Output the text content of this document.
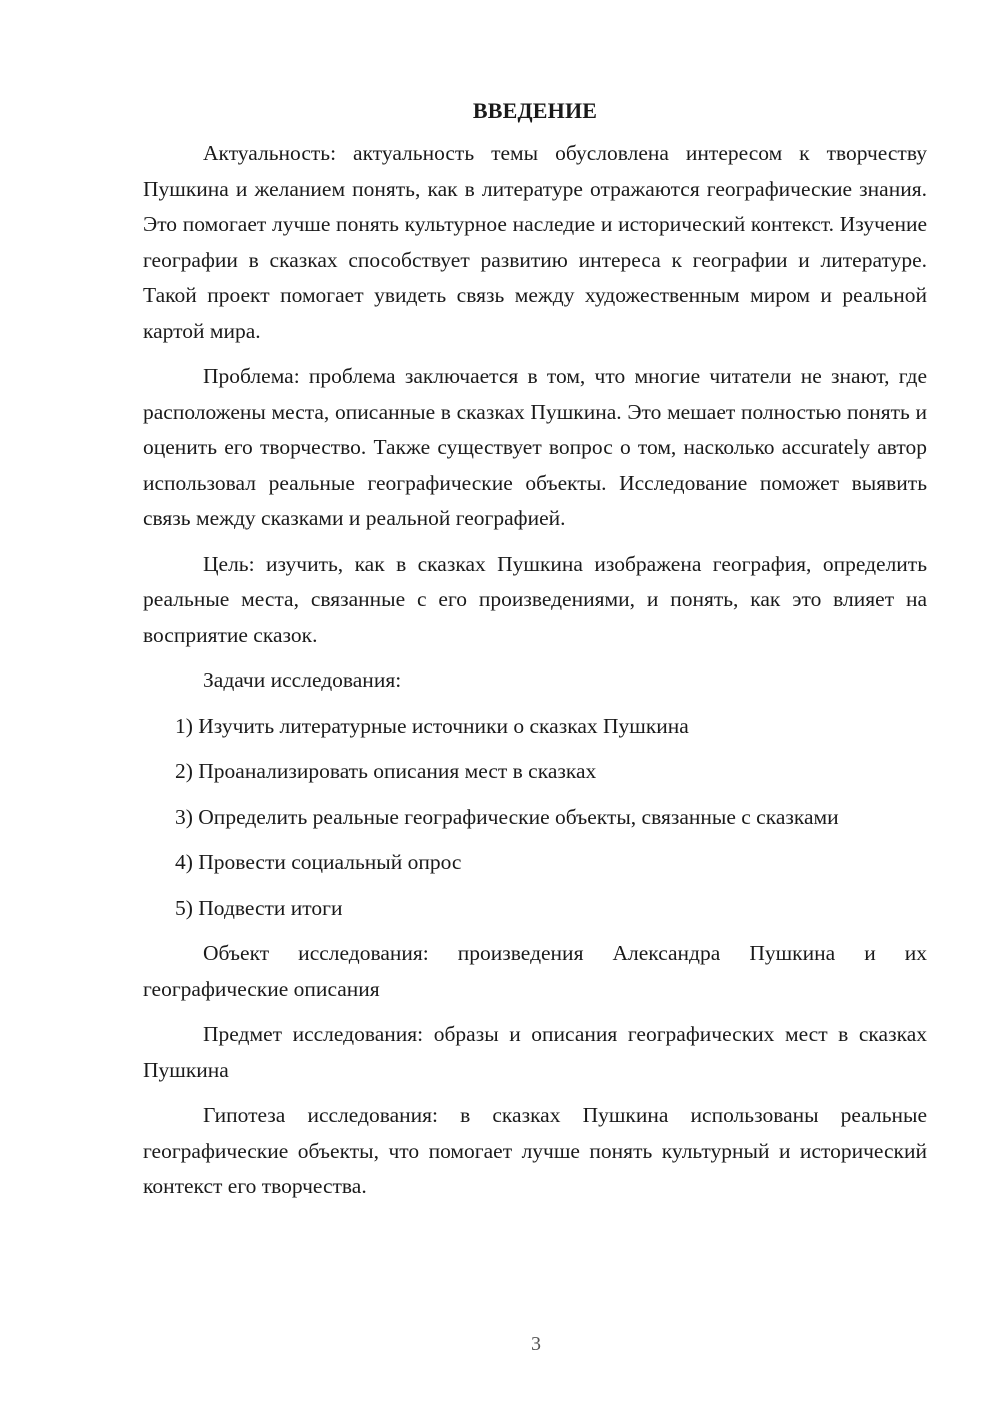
ВВЕДЕНИЕ

Актуальность: актуальность темы обусловлена интересом к творчеству Пушкина и желанием понять, как в литературе отражаются географические знания. Это помогает лучше понять культурное наследие и исторический контекст. Изучение географии в сказках способствует развитию интереса к географии и литературе. Такой проект помогает увидеть связь между художественным миром и реальной картой мира.

Проблема: проблема заключается в том, что многие читатели не знают, где расположены места, описанные в сказках Пушкина. Это мешает полностью понять и оценить его творчество. Также существует вопрос о том, насколько accurately автор использовал реальные географические объекты. Исследование поможет выявить связь между сказками и реальной географией.

Цель: изучить, как в сказках Пушкина изображена география, определить реальные места, связанные с его произведениями, и понять, как это влияет на восприятие сказок.

Задачи исследования:

1) Изучить литературные источники о сказках Пушкина

2) Проанализировать описания мест в сказках

3) Определить реальные географические объекты, связанные с сказками

4) Провести социальный опрос

5) Подвести итоги

Объект исследования: произведения Александра Пушкина и их географические описания

Предмет исследования: образы и описания географических мест в сказках Пушкина

Гипотеза исследования: в сказках Пушкина использованы реальные географические объекты, что помогает лучше понять культурный и исторический контекст его творчества.

3
